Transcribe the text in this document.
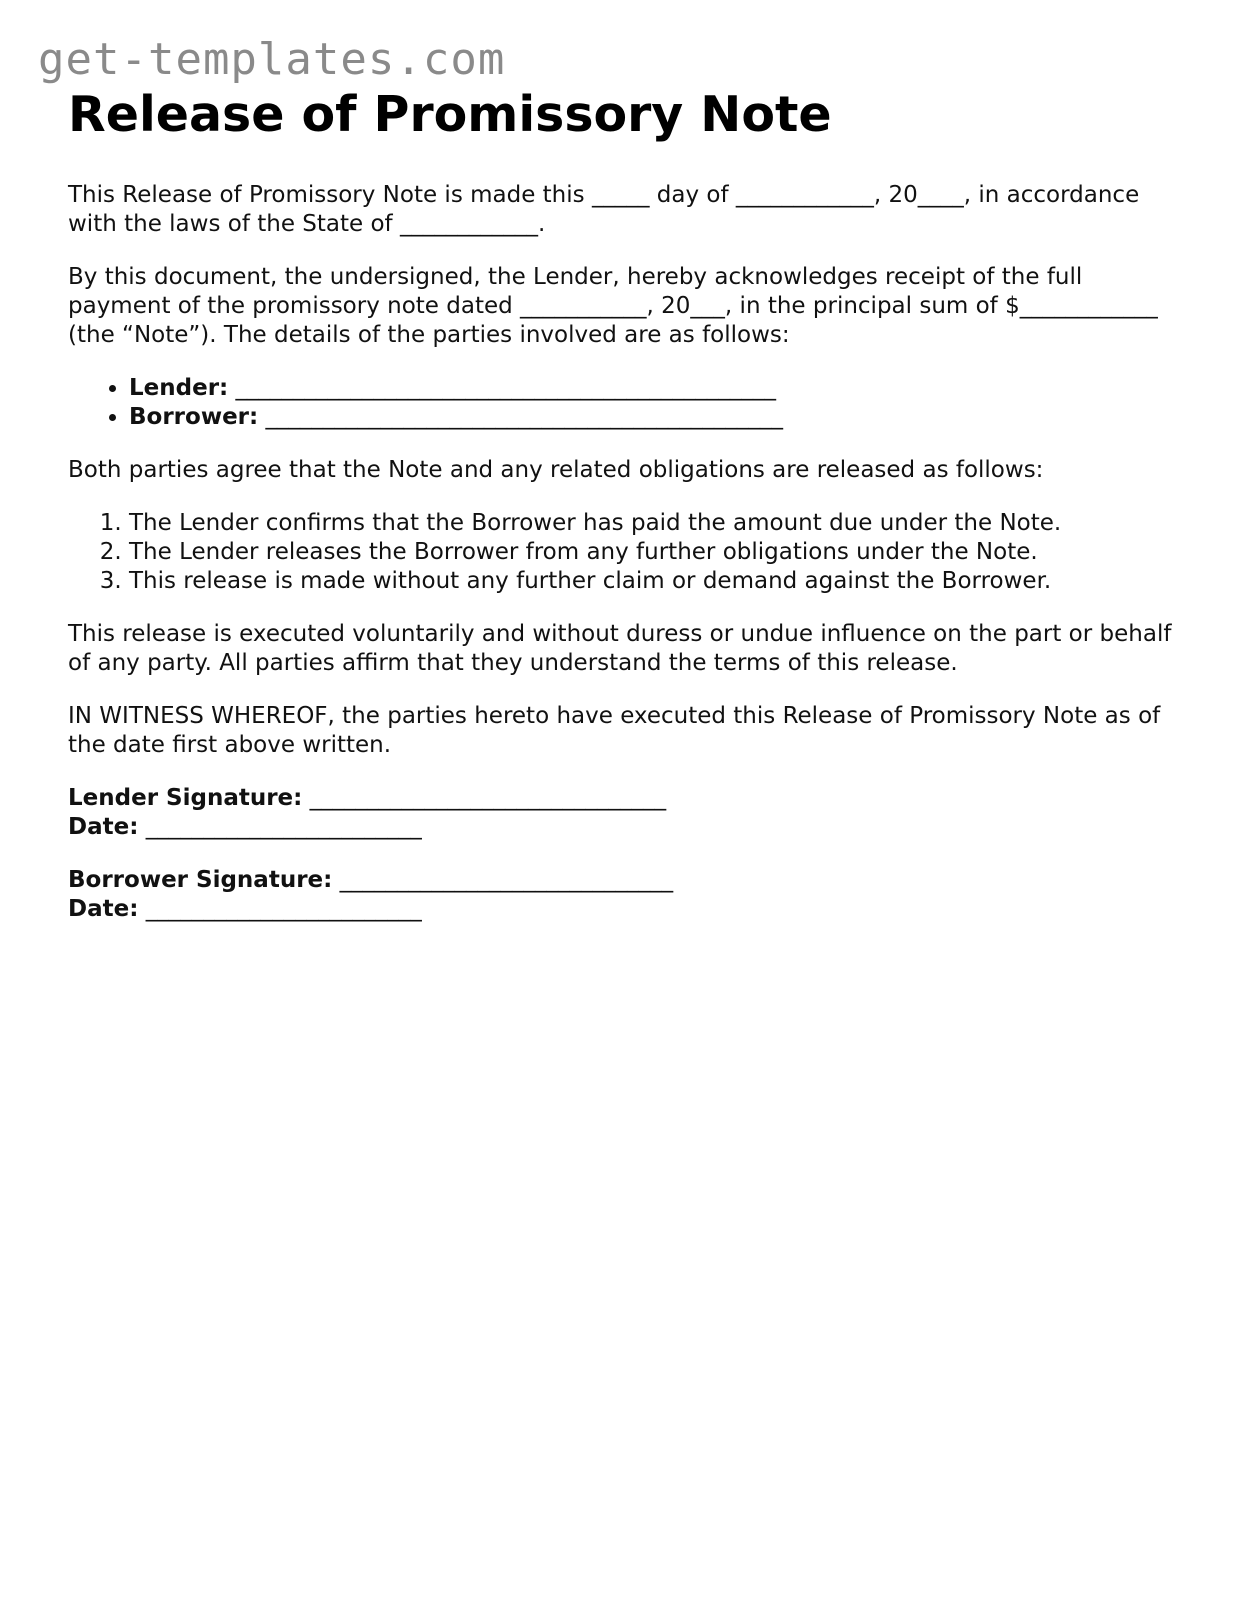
get-templates.com
Release of Promissory Note

This Release of Promissory Note is made this _____ day of ____________, 20____, in accordance with the laws of the State of ____________.

By this document, the undersigned, the Lender, hereby acknowledges receipt of the full payment of the promissory note dated ___________, 20___, in the principal sum of $____________ (the “Note”). The details of the parties involved are as follows:

• Lender: _______________________________________________
• Borrower: _____________________________________________

Both parties agree that the Note and any related obligations are released as follows:

1. The Lender confirms that the Borrower has paid the amount due under the Note.
2. The Lender releases the Borrower from any further obligations under the Note.
3. This release is made without any further claim or demand against the Borrower.

This release is executed voluntarily and without duress or undue influence on the part or behalf of any party. All parties affirm that they understand the terms of this release.

IN WITNESS WHEREOF, the parties hereto have executed this Release of Promissory Note as of the date first above written.

Lender Signature: _______________________________
Date: ________________________
Borrower Signature: _____________________________
Date: ________________________
